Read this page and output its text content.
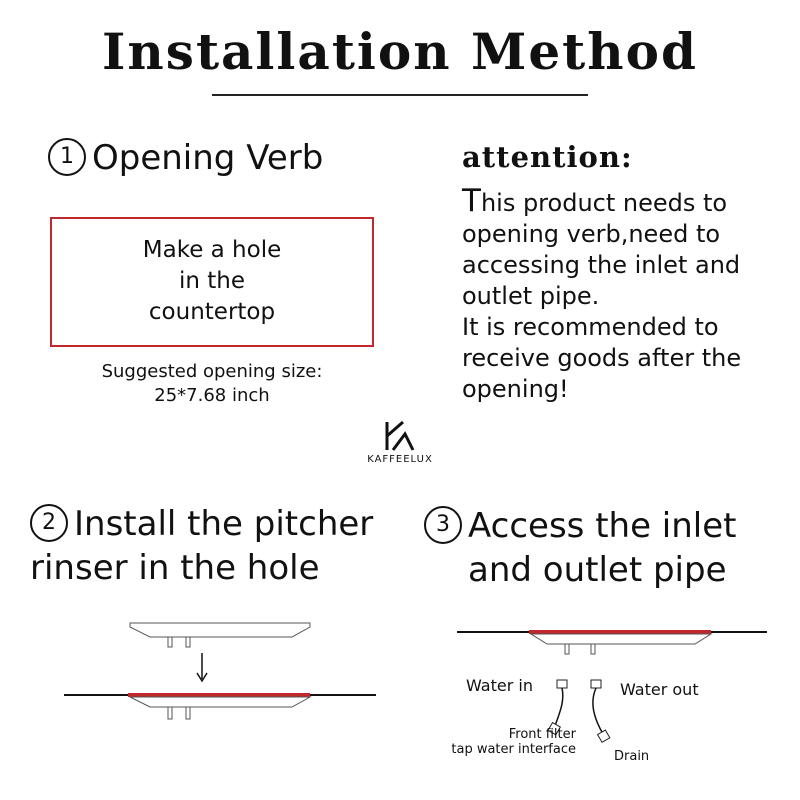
Installation Method
1 Opening Verb
Make a hole
in the
countertop
Suggested opening size:
25*7.68 inch
attention:
This product needs to
opening verb,need to
accessing the inlet and
outlet pipe.
It is recommended to
receive goods after the
opening!
KAFFEELUX
2 Install the pitcher
rinser in the hole
3 Access the inlet
and outlet pipe
Water in	Water out
Front filter
tap water interface	Drain
